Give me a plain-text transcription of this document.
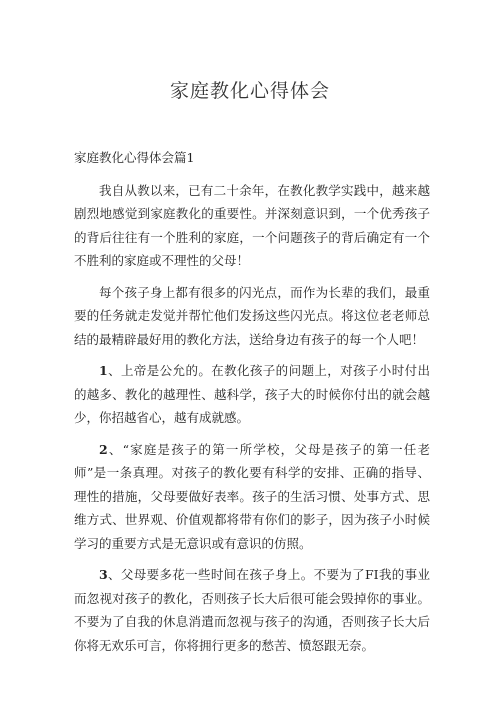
家庭教化心得体会

家庭教化心得体会篇1

我自从教以来，已有二十余年，在教化教学实践中，越来越剧烈地感觉到家庭教化的重要性。并深刻意识到，一个优秀孩子的背后往往有一个胜利的家庭，一个问题孩子的背后确定有一个不胜利的家庭或不理性的父母！

每个孩子身上都有很多的闪光点，而作为长辈的我们，最重要的任务就走发觉并帮忙他们发扬这些闪光点。将这位老老师总结的最精辟最好用的教化方法，送给身边有孩子的每一个人吧！

1、上帝是公允的。在教化孩子的问题上，对孩子小时付出的越多、教化的越理性、越科学，孩子大的时候你付出的就会越少，你招越省心，越有成就感。

2、“家庭是孩子的第一所学校，父母是孩子的第一任老师”是一条真理。对孩子的教化要有科学的安排、正确的指导、理性的措施，父母要做好表率。孩子的生活习惯、处事方式、思维方式、世界观、价值观都将带有你们的影子，因为孩子小时候学习的重要方式是无意识或有意识的仿照。

3、父母要多花一些时间在孩子身上。不要为了FI我的事业而忽视对孩子的教化，否则孩子长大后很可能会毁掉你的事业。不要为了自我的休息消遣而忽视与孩子的沟通，否则孩子长大后你将无欢乐可言，你将拥行更多的愁苦、愤怒跟无奈。
